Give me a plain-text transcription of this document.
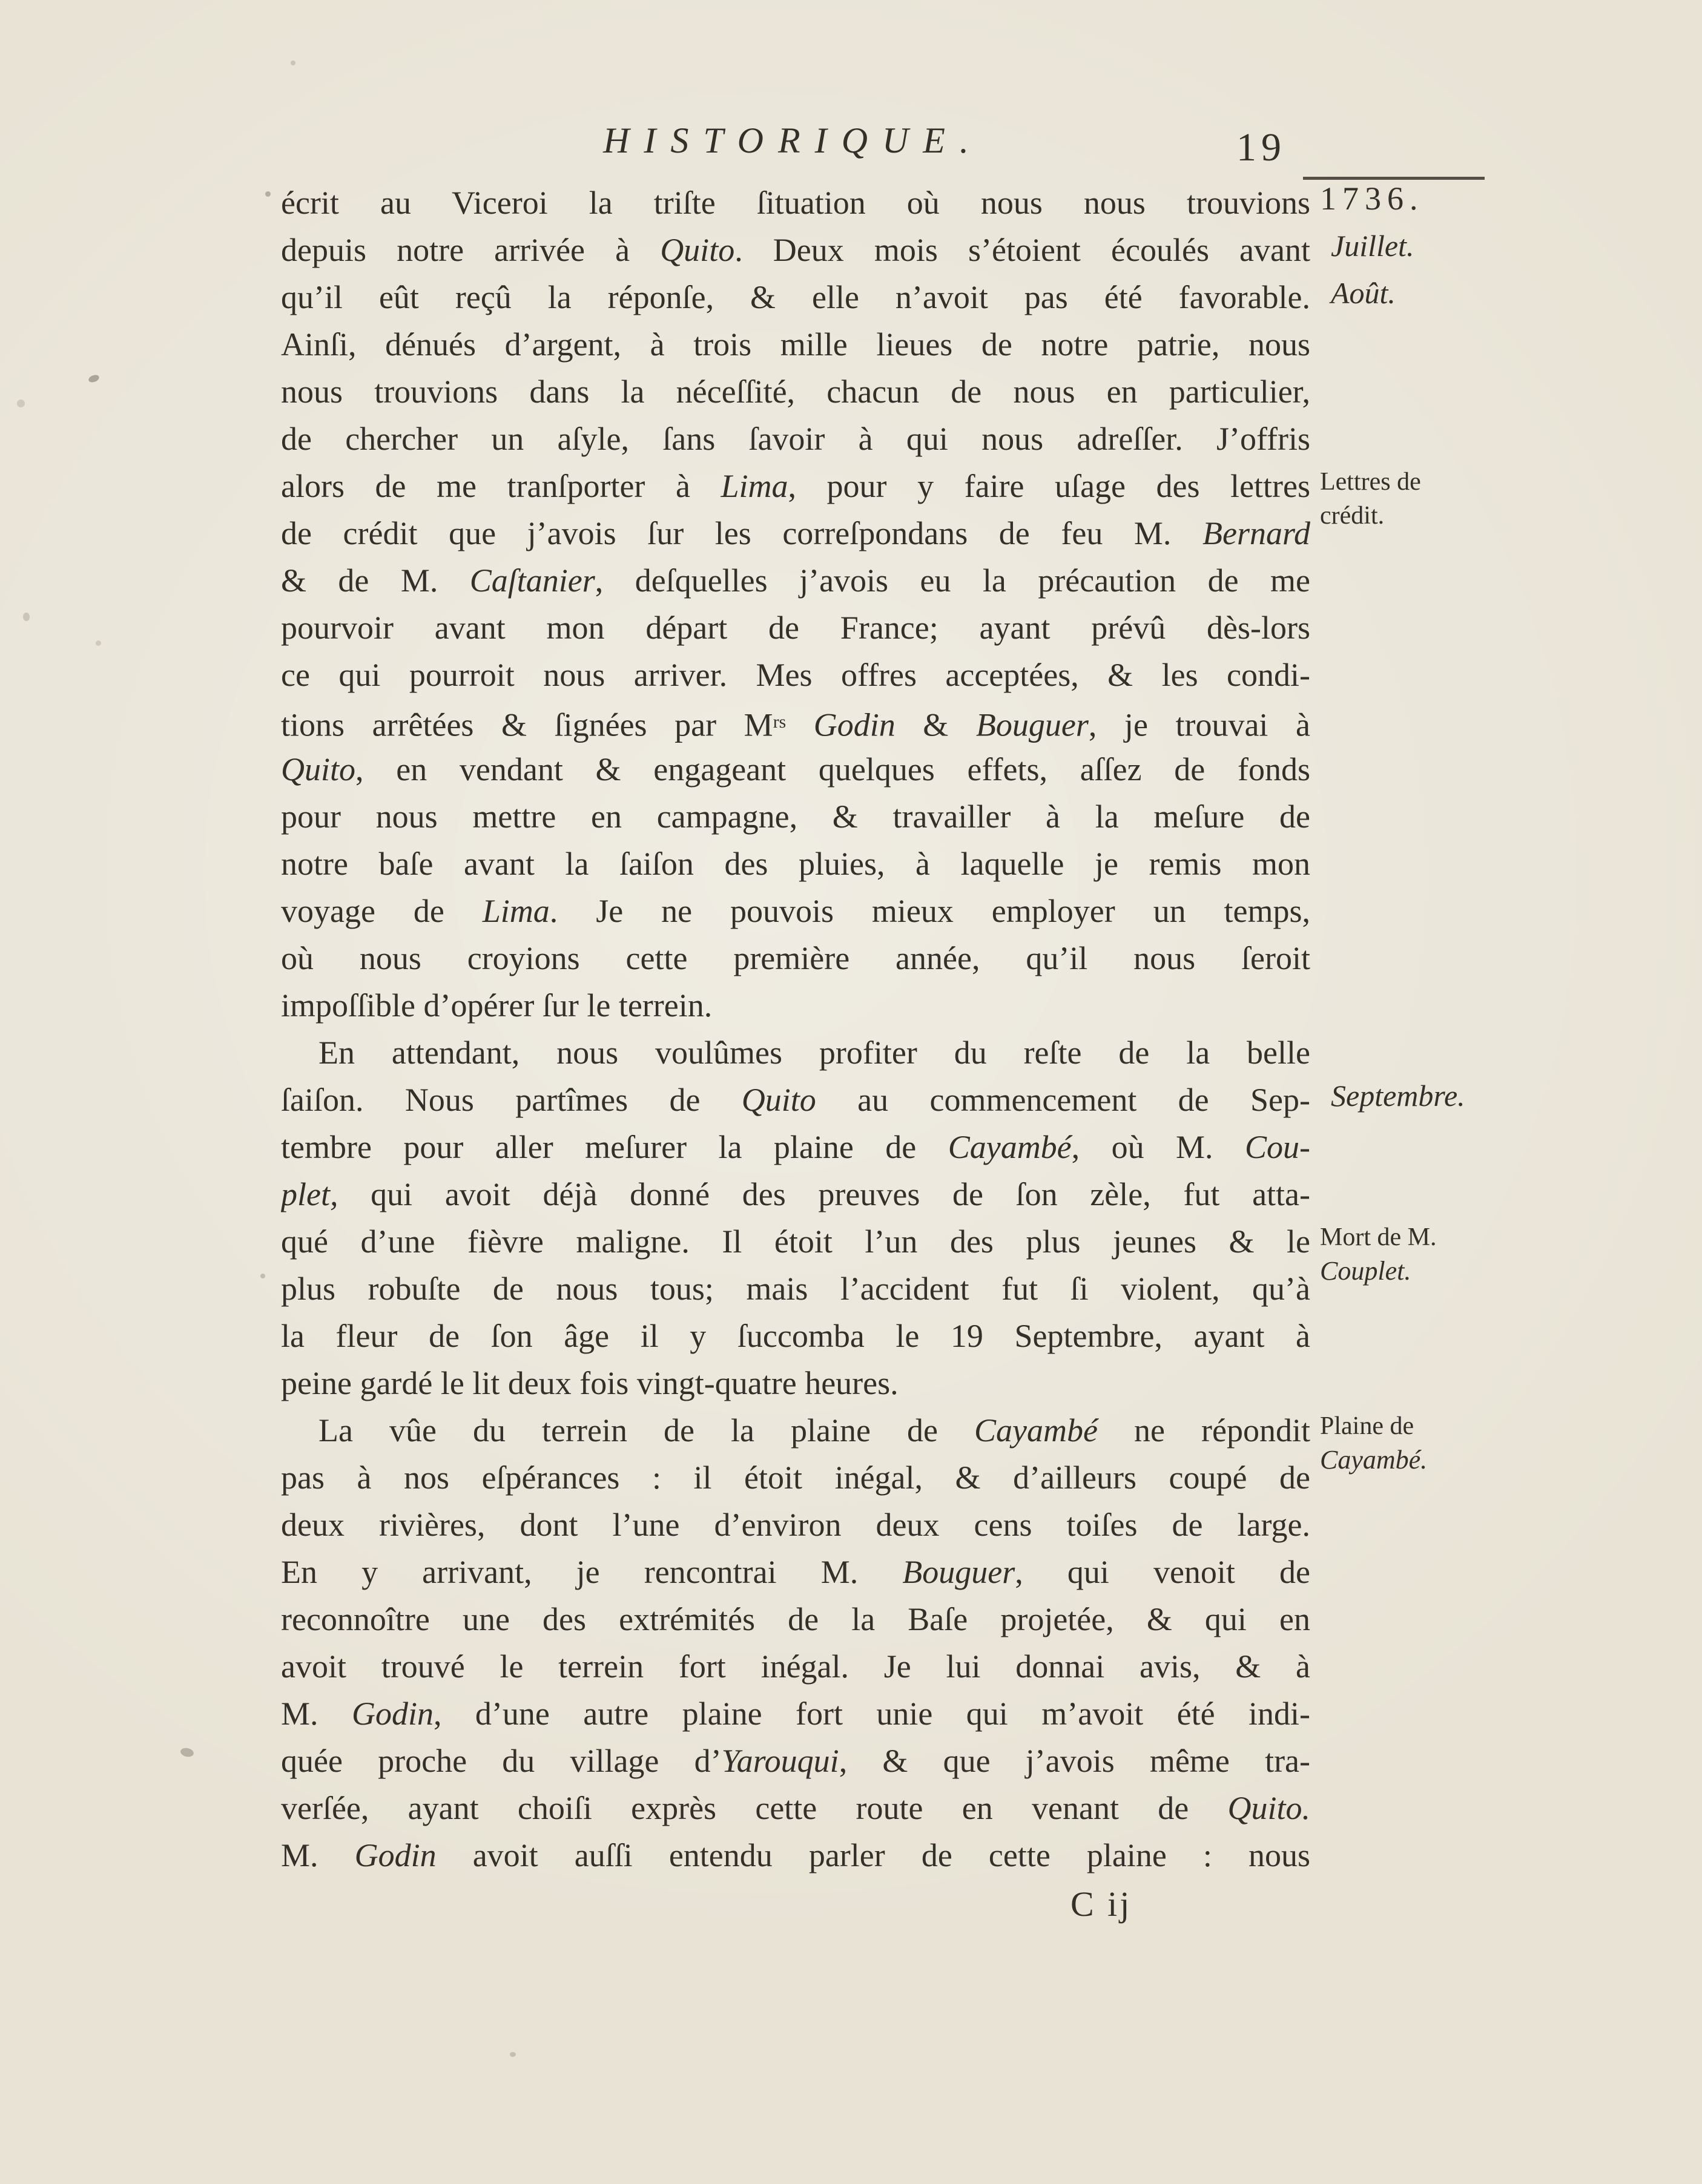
HISTORIQUE.	19
écrit au Viceroi la triſte ſituation où nous nous trouvions
depuis notre arrivée à Quito. Deux mois s’étoient écoulés avant
qu’il eût reçû la réponſe, & elle n’avoit pas été favorable.
Ainſi, dénués d’argent, à trois mille lieues de notre patrie, nous
nous trouvions dans la néceſſité, chacun de nous en particulier,
de chercher un aſyle, ſans ſavoir à qui nous adreſſer. J’offris
alors de me tranſporter à Lima, pour y faire uſage des lettres
de crédit que j’avois ſur les correſpondans de feu M. Bernard
& de M. Caſtanier, deſquelles j’avois eu la précaution de me
pourvoir avant mon départ de France; ayant prévû dès-lors
ce qui pourroit nous arriver. Mes offres acceptées, & les condi-
tions arrêtées & ſignées par $M^{rs}$ Godin & Bouguer, je trouvai à
Quito, en vendant & engageant quelques effets, aſſez de fonds
pour nous mettre en campagne, & travailler à la meſure de
notre baſe avant la ſaiſon des pluies, à laquelle je remis mon
voyage de Lima. Je ne pouvois mieux employer un temps,
où nous croyions cette première année, qu’il nous ſeroit
impoſſible d’opérer ſur le terrein.
En attendant, nous voulûmes profiter du reſte de la belle
ſaiſon. Nous partîmes de Quito au commencement de Sep-
tembre pour aller meſurer la plaine de Cayambé, où M. Cou-
plet, qui avoit déjà donné des preuves de ſon zèle, fut atta-
qué d’une fièvre maligne. Il étoit l’un des plus jeunes & le
plus robuſte de nous tous; mais l’accident fut ſi violent, qu’à
la fleur de ſon âge il y ſuccomba le 19 Septembre, ayant à
peine gardé le lit deux fois vingt-quatre heures.
La vûe du terrein de la plaine de Cayambé ne répondit
pas à nos eſpérances : il étoit inégal, & d’ailleurs coupé de
deux rivières, dont l’une d’environ deux cens toiſes de large.
En y arrivant, je rencontrai M. Bouguer, qui venoit de
reconnoître une des extrémités de la Baſe projetée, & qui en
avoit trouvé le terrein fort inégal. Je lui donnai avis, & à
M. Godin, d’une autre plaine fort unie qui m’avoit été indi-
quée proche du village d’Yarouqui, & que j’avois même tra-
verſée, ayant choiſi exprès cette route en venant de Quito.
M. Godin avoit auſſi entendu parler de cette plaine : nous
1736.
Juillet.
Août.
Lettres de
crédit.
Septembre.
Mort de M.
Couplet.
Plaine de
Cayambé.
C ij
